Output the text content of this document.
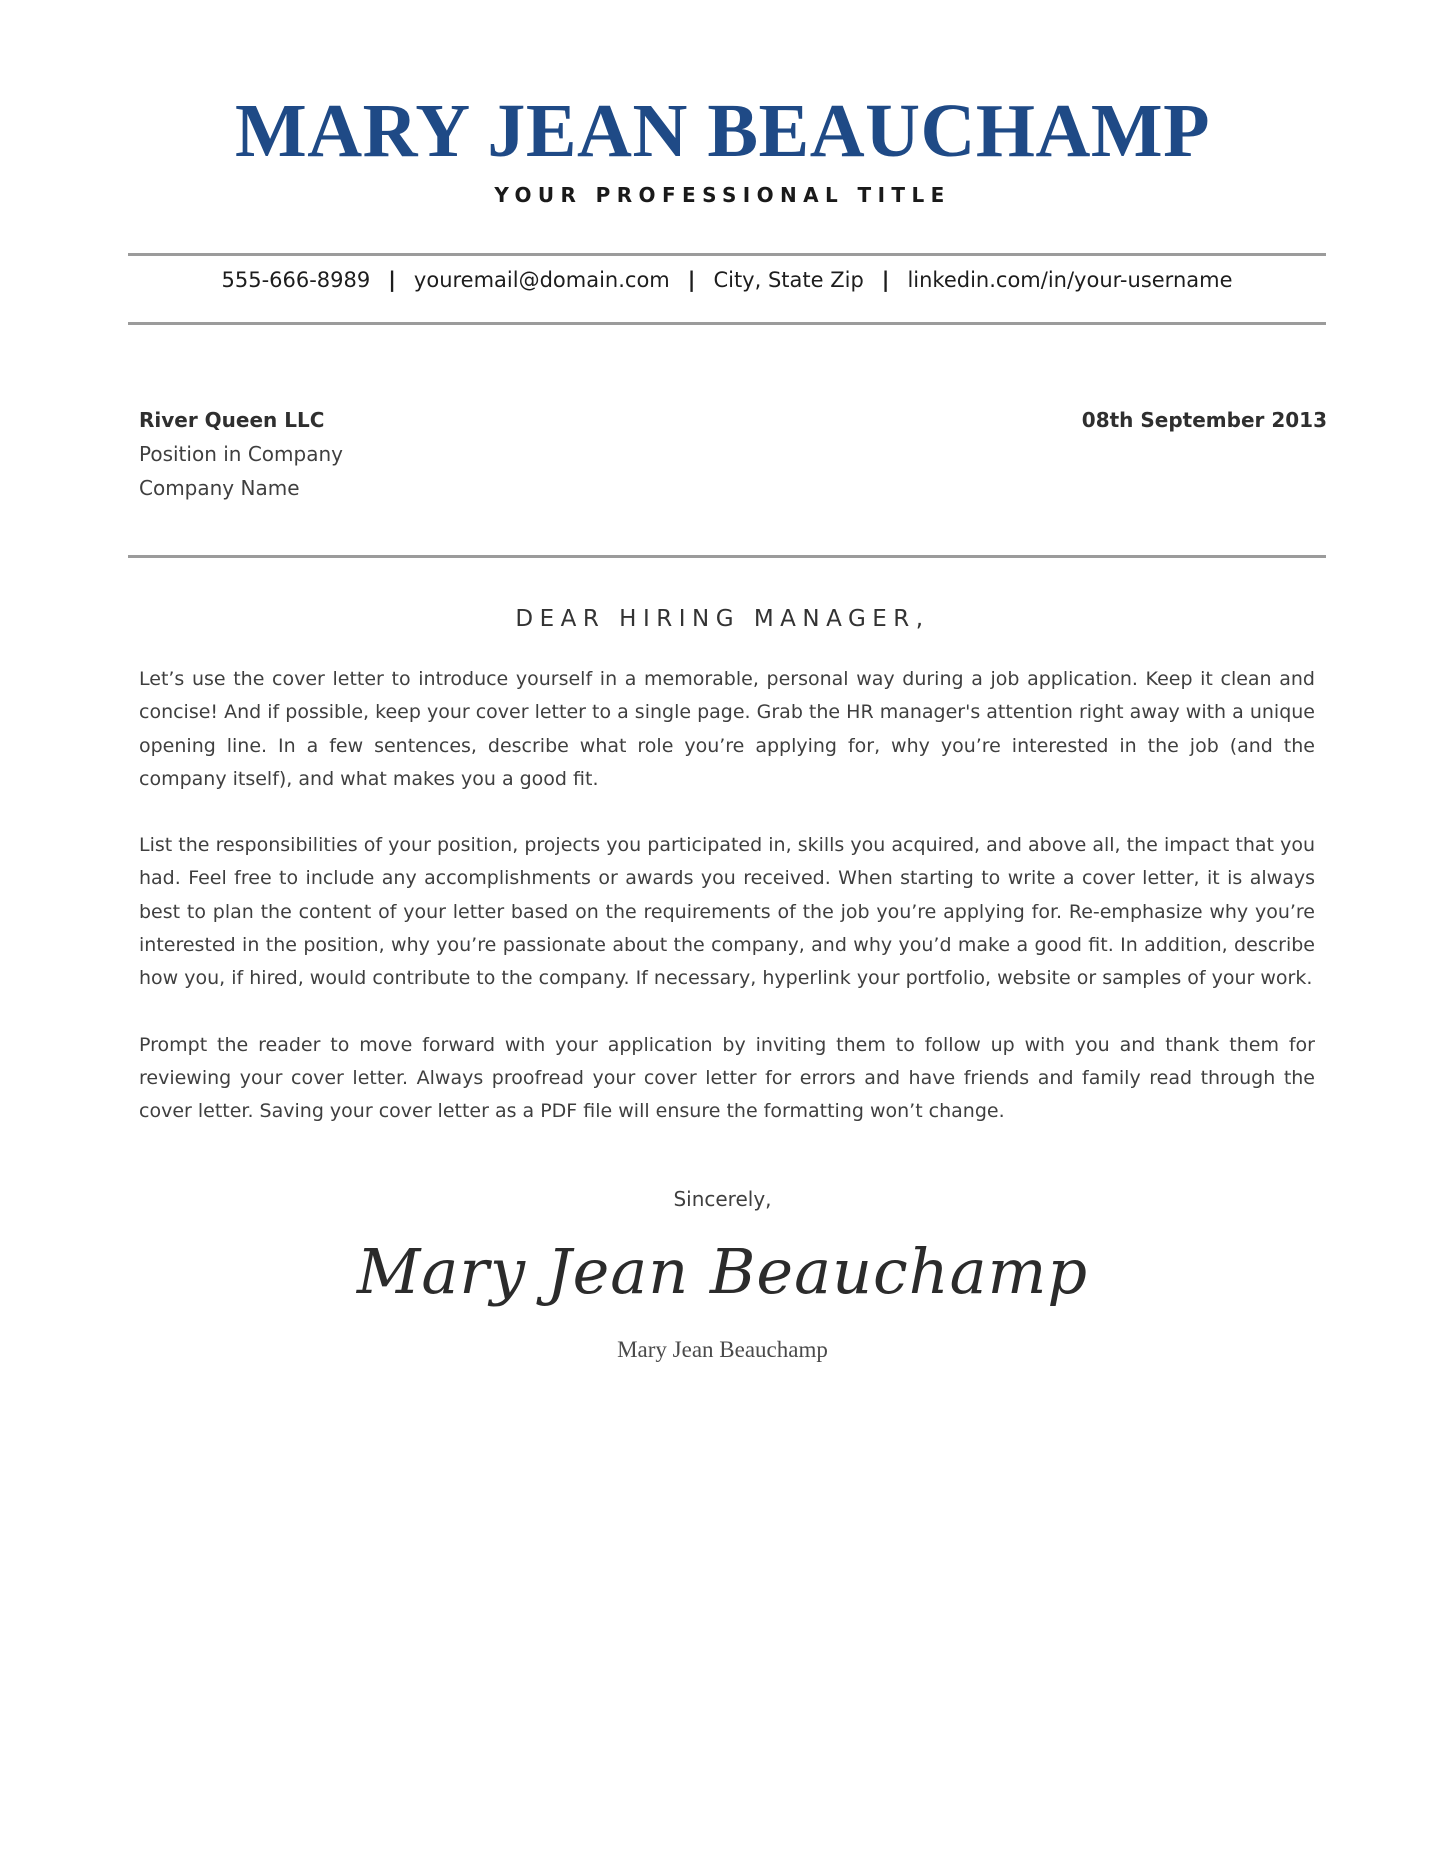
MARY JEAN BEAUCHAMP
YOUR PROFESSIONAL TITLE
555-666-8989 | youremail@domain.com | City, State Zip | linkedin.com/in/your-username
River Queen LLC
Position in Company
Company Name
08th September 2013
DEAR HIRING MANAGER,

Let’s use the cover letter to introduce yourself in a memorable, personal way during a job application. Keep it clean and concise! And if possible, keep your cover letter to a single page. Grab the HR manager's attention right away with a unique opening line. In a few sentences, describe what role you’re applying for, why you’re interested in the job (and the company itself), and what makes you a good fit.

List the responsibilities of your position, projects you participated in, skills you acquired, and above all, the impact that you had. Feel free to include any accomplishments or awards you received. When starting to write a cover letter, it is always best to plan the content of your letter based on the requirements of the job you’re applying for. Re-emphasize why you’re interested in the position, why you’re passionate about the company, and why you’d make a good fit. In addition, describe how you, if hired, would contribute to the company. If necessary, hyperlink your portfolio, website or samples of your work.

Prompt the reader to move forward with your application by inviting them to follow up with you and thank them for reviewing your cover letter. Always proofread your cover letter for errors and have friends and family read through the cover letter. Saving your cover letter as a PDF file will ensure the formatting won’t change.

Sincerely,
Mary Jean Beauchamp
Mary Jean Beauchamp
